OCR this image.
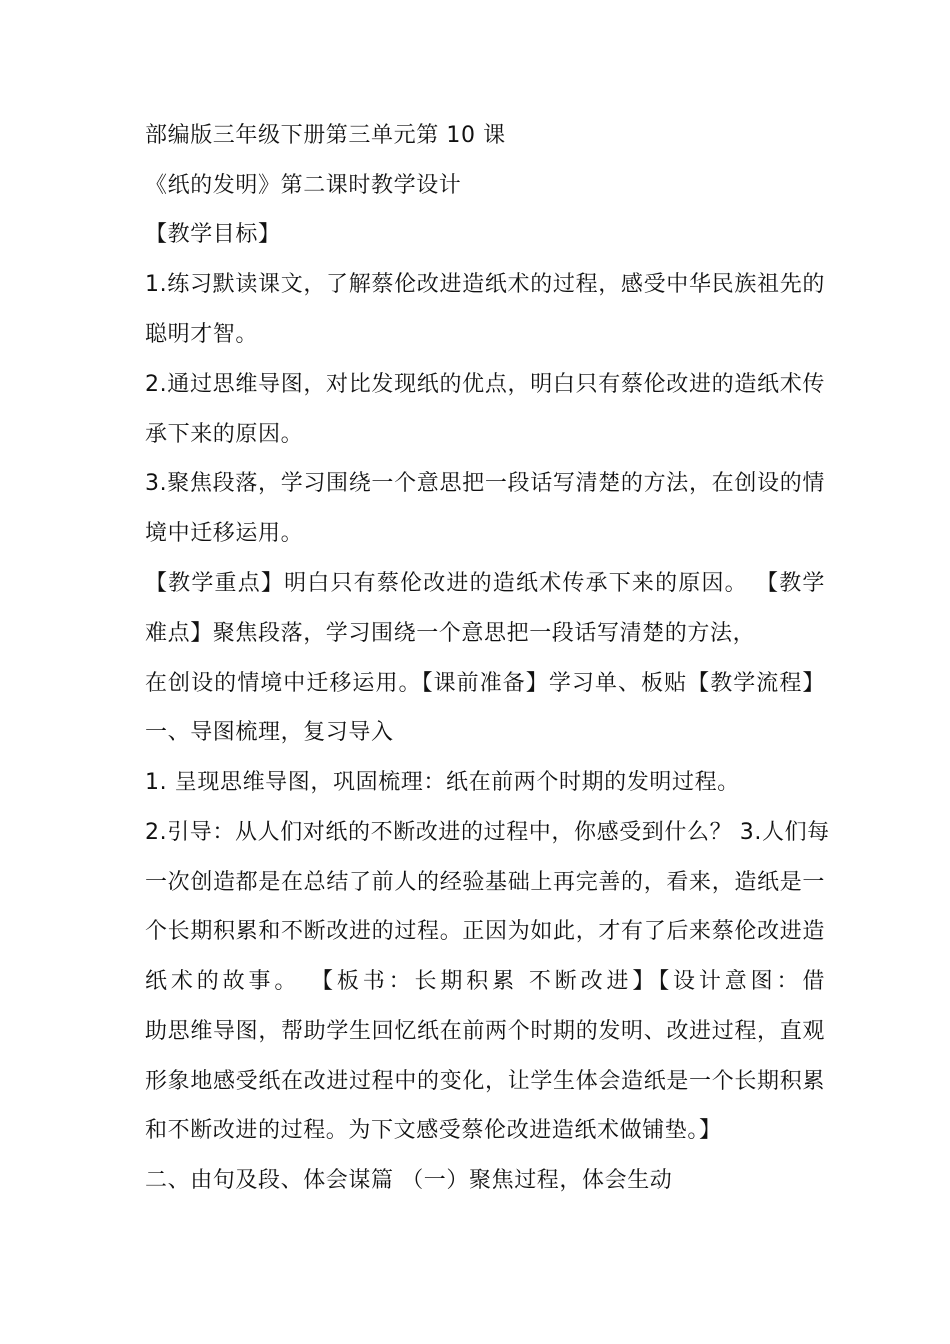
部编版三年级下册第三单元第 10 课
《纸的发明》第二课时教学设计
【教学目标】
1.练习默读课文，了解蔡伦改进造纸术的过程，感受中华民族祖先的
聪明才智。
2.通过思维导图，对比发现纸的优点，明白只有蔡伦改进的造纸术传
承下来的原因。
3.聚焦段落，学习围绕一个意思把一段话写清楚的方法，在创设的情
境中迁移运用。
【教学重点】明白只有蔡伦改进的造纸术传承下来的原因。 【教学
难点】聚焦段落，学习围绕一个意思把一段话写清楚的方法，
在创设的情境中迁移运用。【课前准备】学习单、板贴【教学流程】
一、导图梳理，复习导入
1. 呈现思维导图，巩固梳理：纸在前两个时期的发明过程。
2.引导：从人们对纸的不断改进的过程中，你感受到什么？ 3.人们每
一次创造都是在总结了前人的经验基础上再完善的，看来，造纸是一
个长期积累和不断改进的过程。正因为如此，才有了后来蔡伦改进造
纸术的故事。 【板书：长期积累 不断改进】【设计意图：借
助思维导图，帮助学生回忆纸在前两个时期的发明、改进过程，直观
形象地感受纸在改进过程中的变化，让学生体会造纸是一个长期积累
和不断改进的过程。为下文感受蔡伦改进造纸术做铺垫。】
二、由句及段、体会谋篇 （一）聚焦过程，体会生动
